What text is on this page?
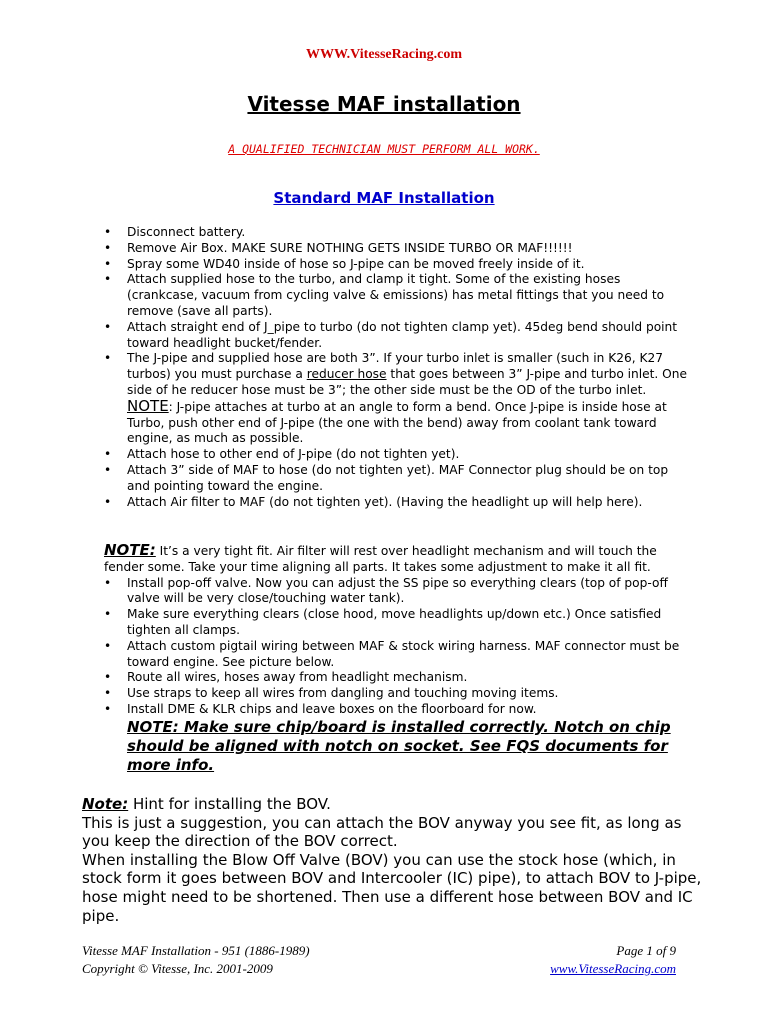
WWW.VitesseRacing.com
Vitesse MAF installation
A QUALIFIED TECHNICIAN MUST PERFORM ALL WORK.
Standard MAF Installation
• Disconnect battery.
• Remove Air Box. MAKE SURE NOTHING GETS INSIDE TURBO OR MAF!!!!!!
• Spray some WD40 inside of hose so J-pipe can be moved freely inside of it.
• Attach supplied hose to the turbo, and clamp it tight. Some of the existing hoses (crankcase, vacuum from cycling valve & emissions) has metal fittings that you need to remove (save all parts).
• Attach straight end of J_pipe to turbo (do not tighten clamp yet). 45deg bend should point toward headlight bucket/fender.
• The J-pipe and supplied hose are both 3”. If your turbo inlet is smaller (such in K26, K27 turbos) you must purchase a reducer hose that goes between 3” J-pipe and turbo inlet. One side of he reducer hose must be 3”; the other side must be the OD of the turbo inlet.
NOTE: J-pipe attaches at turbo at an angle to form a bend. Once J-pipe is inside hose at Turbo, push other end of J-pipe (the one with the bend) away from coolant tank toward engine, as much as possible.
• Attach hose to other end of J-pipe (do not tighten yet).
• Attach 3” side of MAF to hose (do not tighten yet). MAF Connector plug should be on top and pointing toward the engine.
• Attach Air filter to MAF (do not tighten yet). (Having the headlight up will help here).
NOTE: It’s a very tight fit. Air filter will rest over headlight mechanism and will touch the fender some. Take your time aligning all parts. It takes some adjustment to make it all fit.
• Install pop-off valve. Now you can adjust the SS pipe so everything clears (top of pop-off valve will be very close/touching water tank).
• Make sure everything clears (close hood, move headlights up/down etc.) Once satisfied tighten all clamps.
• Attach custom pigtail wiring between MAF & stock wiring harness. MAF connector must be toward engine. See picture below.
• Route all wires, hoses away from headlight mechanism.
• Use straps to keep all wires from dangling and touching moving items.
• Install DME & KLR chips and leave boxes on the floorboard for now.
NOTE: Make sure chip/board is installed correctly. Notch on chip should be aligned with notch on socket. See FQS documents for more info.
Note: Hint for installing the BOV.
This is just a suggestion, you can attach the BOV anyway you see fit, as long as you keep the direction of the BOV correct.
When installing the Blow Off Valve (BOV) you can use the stock hose (which, in stock form it goes between BOV and Intercooler (IC) pipe), to attach BOV to J-pipe, hose might need to be shortened. Then use a different hose between BOV and IC pipe.
Vitesse MAF Installation - 951 (1886-1989)
Copyright © Vitesse, Inc. 2001-2009
Page 1 of 9
www.VitesseRacing.com
